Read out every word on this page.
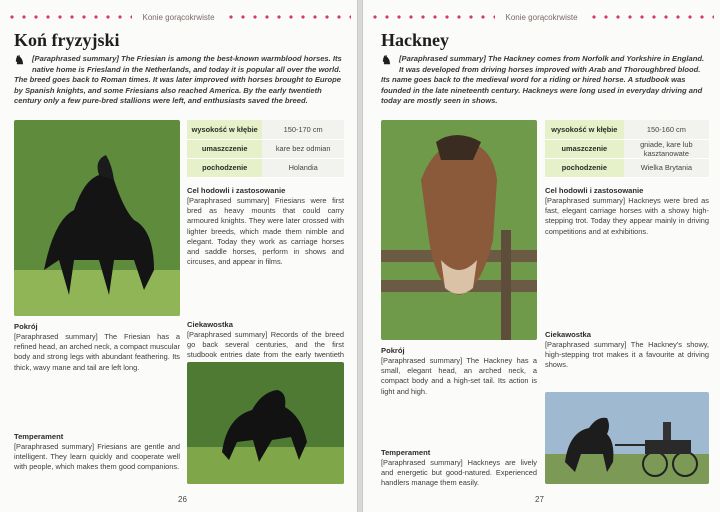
Konie gorącokrwiste
Koń fryzyjski
♞ [Paraphrased summary] The Friesian is among the best-known warmblood horses. Its native home is Friesland in the Netherlands, and today it is popular all over the world. The breed goes back to Roman times. It was later improved with horses brought to Europe by Spanish knights, and some Friesians also reached America. By the early twentieth century only a few pure-bred stallions were left, and enthusiasts saved the breed.
wysokość w kłębie	150-170 cm
umaszczenie	kare bez odmian
pochodzenie	Holandia
Cel hodowli i zastosowanie
[Paraphrased summary] Friesians were first bred as heavy mounts that could carry armoured knights. They were later crossed with lighter breeds, which made them nimble and elegant. Today they work as carriage horses and saddle horses, perform in shows and circuses, and appear in films.
Ciekawostka
[Paraphrased summary] Records of the breed go back several centuries, and the first studbook entries date from the early twentieth
Pokrój
[Paraphrased summary] The Friesian has a refined head, an arched neck, a compact muscular body and strong legs with abundant feathering. Its thick, wavy mane and tail are left long.
Temperament
[Paraphrased summary] Friesians are gentle and intelligent. They learn quickly and cooperate well with people, which makes them good companions.
26
Konie gorącokrwiste
Hackney
♞ [Paraphrased summary] The Hackney comes from Norfolk and Yorkshire in England. It was developed from driving horses improved with Arab and Thoroughbred blood. Its name goes back to the medieval word for a riding or hired horse. A studbook was founded in the late nineteenth century. Hackneys were long used in everyday driving and today are mostly seen in shows.
wysokość w kłębie	150-160 cm
umaszczenie	gniade, kare lub kasztanowate
pochodzenie	Wielka Brytania
Cel hodowli i zastosowanie
[Paraphrased summary] Hackneys were bred as fast, elegant carriage horses with a showy high-stepping trot. Today they appear mainly in driving competitions and at exhibitions.
Ciekawostka
[Paraphrased summary] The Hackney's showy, high-stepping trot makes it a favourite at driving shows.
Pokrój
[Paraphrased summary] The Hackney has a small, elegant head, an arched neck, a compact body and a high-set tail. Its action is light and high.
Temperament
[Paraphrased summary] Hackneys are lively and energetic but good-natured. Experienced handlers manage them easily.
27
